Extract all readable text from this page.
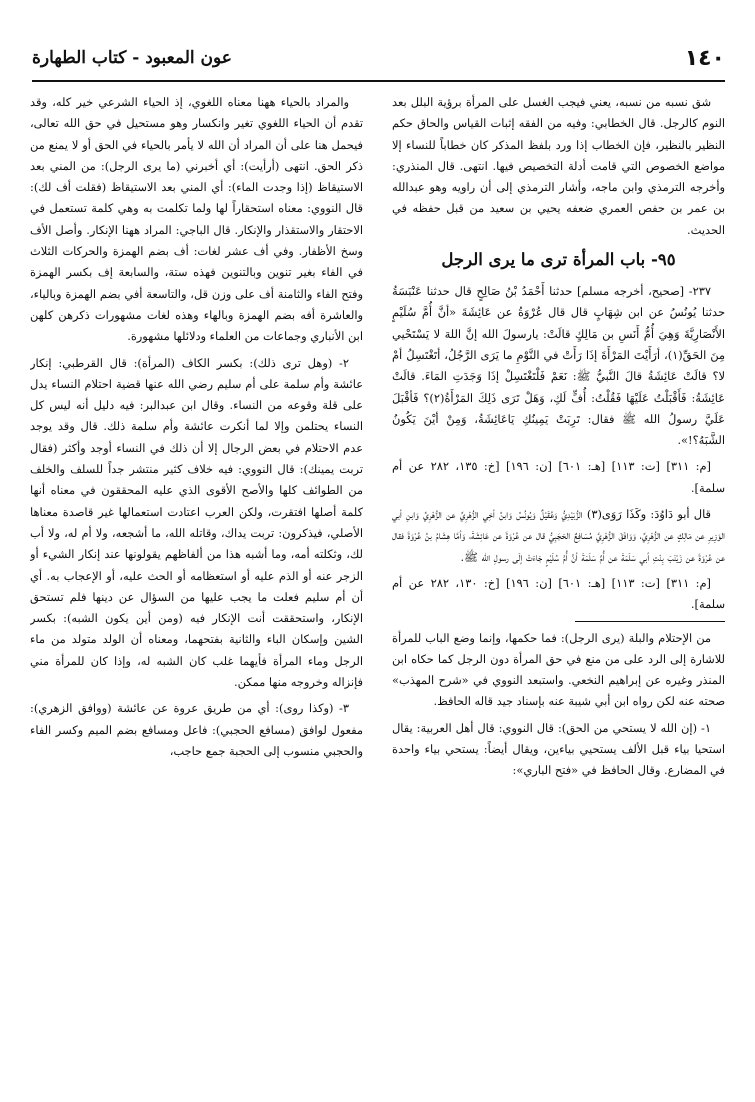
١٤٠
عون المعبود - كتاب الطهارة

شق نسبه من نسبه، يعني فيجب الغسل على المرأة برؤية البلل بعد النوم كالرجل. قال الخطابي: وفيه من الفقه إثبات القياس والحاق حكم النظير بالنظير، فإن الخطاب إذا ورد بلفظ المذكر كان خطاباً للنساء إلا مواضع الخصوص التي قامت أدلة التخصيص فيها. انتهى. قال المنذري: وأخرجه الترمذي وابن ماجه، وأشار الترمذي إلى أن راويه وهو عبدالله بن عمر بن حفص العمري ضعفه يحيي بن سعيد من قبل حفظه في الحديث.

٩٥- باب المرأة ترى ما يرى الرجل

٢٣٧- [صحيح، أخرجه مسلم] حدثنا أَحْمَدُ بْنُ صَالِحٍ قال حدثنا عَنْبَسَةُ حدثنا يُونُسُ عن ابن شِهَابٍ قال قال عُرْوَةُ عن عَائِشَةَ «أنَّ أُمَّ سُلَيْمٍ الأَنْصَارِيَّةَ وَهِيَ أُمُّ أَنَسِ بن مَالِكٍ قالَتْ: يارسولَ الله إنَّ اللهَ لا يَسْتَحْيي مِنَ الحَقِّ(١)، أرَأَيْتَ المَرْأَةَ إذَا رَأَتْ في النَّوْمِ ما يَرَى الرَّجُلُ، أتَغْتَسِلُ أمْ لا؟ قالَتْ عَائِشَةُ قالَ النَّبيُّ ﷺ: نَعَمْ فَلْتَغْتَسِلْ إذَا وَجَدَتِ المَاءَ. قالَتْ عَائِشَةُ: فَأَقْبَلْتُ عَلَيْهَا فَقُلْتُ: أُفٍّ لَكِ، وَهَلْ تَرَى ذَلِكَ المَرْأَةُ(٢)؟ فَأقْبَلَ عَلَيَّ رسولُ الله ﷺ فقال: تَرِبَتْ يَمِينُكِ يَاعَائِشَةُ، وَمِنْ أيْنَ يَكُونُ الشَّبَهُ؟!».

[م: ٣١١] [ت: ١١٣] [هـ: ٦٠١] [ن: ١٩٦] [خ: ١٣٥، ٢٨٢ عن أم سلمة].

قال أبو دَاوُدَ: وكَذَا رَوَى(٣) الزُّبَيْدِيُّ وَعُقَيْلٌ وَيُونُسُ وَابنُ أخِي الزُّهْرِيِّ عن الزُّهْرِيِّ وَابنِ أبي الوَزِيرِ عن مَالِكٍ عن الزُّهْرِيِّ، وَوَافَقَ الزُّهْرِيَّ مُسَافِعٌ الحَجَبِيُّ قال عن عُرْوَةَ عن عَائِشَةَ، وَأمَّا هِشَامُ بنُ عُرْوَةَ فقال عن عُرْوَةَ عن زَيْنَبَ بِنْتِ أبي سَلَمَةَ عن أُمِّ سَلَمَةَ أنَّ أُمَّ سُلَيْمٍ جَاءَتْ إلَى رسولِ الله ﷺ.

[م: ٣١١] [ت: ١١٣] [هـ: ٦٠١] [ن: ١٩٦] [خ: ١٣٠، ٢٨٢ عن أم سلمة].

من الإحتلام والبلة (يرى الرجل): فما حكمها، وإنما وضع الباب للمرأة للاشارة إلى الرد على من منع في حق المرأة دون الرجل كما حكاه ابن المنذر وغيره عن إبراهيم النخعي. واستبعد النووي في «شرح المهذب» صحته عنه لكن رواه ابن أبي شيبة عنه بإسناد جيد قاله الحافظ.

١- (إن الله لا يستحي من الحق): قال النووي: قال أهل العربية: يقال استحيا بياء قبل الألف يستحيي بياءين، ويقال أيضاً: يستحي بياء واحدة في المضارع. وقال الحافظ في «فتح الباري»:

والمراد بالحياء ههنا معناه اللغوي، إذ الحياء الشرعي خير كله، وقد تقدم أن الحياء اللغوي تغير وانكسار وهو مستحيل في حق الله تعالى، فيحمل هنا على أن المراد أن الله لا يأمر بالحياء في الحق أو لا يمنع من ذكر الحق. انتهى (أرأيت): أي أخبرني (ما يرى الرجل): من المني بعد الاستيقاظ (إذا وجدت الماء): أي المني بعد الاستيقاظ (فقلت أف لك): قال النووي: معناه استحقاراً لها ولما تكلمت به وهي كلمة تستعمل في الاحتقار والاستقذار والإنكار. قال الباجي: المراد ههنا الإنكار. وأصل الأف وسخ الأظفار. وفي أف عشر لغات: أف بضم الهمزة والحركات الثلاث في الفاء بغير تنوين وبالتنوين فهذه ستة، والسابعة إف بكسر الهمزة وفتح الفاء والثامنة أف على وزن قل، والتاسعة أفي بضم الهمزة وبالياء، والعاشرة أفه بضم الهمزة وبالهاء وهذه لغات مشهورات ذكرهن كلهن ابن الأنباري وجماعات من العلماء ودلائلها مشهورة.

٢- (وهل ترى ذلك): بكسر الكاف (المرأة): قال القرطبي: إنكار عائشة وأم سلمة على أم سليم رضي الله عنها قضية احتلام النساء يدل على قلة وقوعه من النساء. وقال ابن عبدالبر: فيه دليل أنه ليس كل النساء يحتلمن وإلا لما أنكرت عائشة وأم سلمة ذلك. قال وقد يوجد عدم الاحتلام في بعض الرجال إلا أن ذلك في النساء أوجد وأكثر (فقال تربت يمينك): قال النووي: فيه خلاف كثير منتشر جداً للسلف والخلف من الطوائف كلها والأصح الأقوى الذي عليه المحققون في معناه أنها كلمة أصلها افتقرت، ولكن العرب اعتادت استعمالها غير قاصدة معناها الأصلي، فيذكرون: تربت يداك، وقاتله الله، ما أشجعه، ولا أم له، ولا أب لك، وثكلته أمه، وما أشبه هذا من ألفاظهم يقولونها عند إنكار الشيء أو الزجر عنه أو الذم عليه أو استعظامه أو الحث عليه، أو الإعجاب به. أي أن أم سليم فعلت ما يجب عليها من السؤال عن دينها فلم تستحق الإنكار، واستحققت أنت الإنكار فيه (ومن أين يكون الشبه): بكسر الشين وإسكان الباء والثانية بفتحهما، ومعناه أن الولد متولد من ماء الرجل وماء المرأة فأيهما غلب كان الشبه له، وإذا كان للمرأة مني فإنزاله وخروجه منها ممكن.

٣- (وكذا روى): أي من طريق عروة عن عائشة (ووافق الزهري): مفعول لوافق (مسافع الحجبي): فاعل ومسافع بضم الميم وكسر الفاء والحجبي منسوب إلى الحجبة جمع حاجب،
